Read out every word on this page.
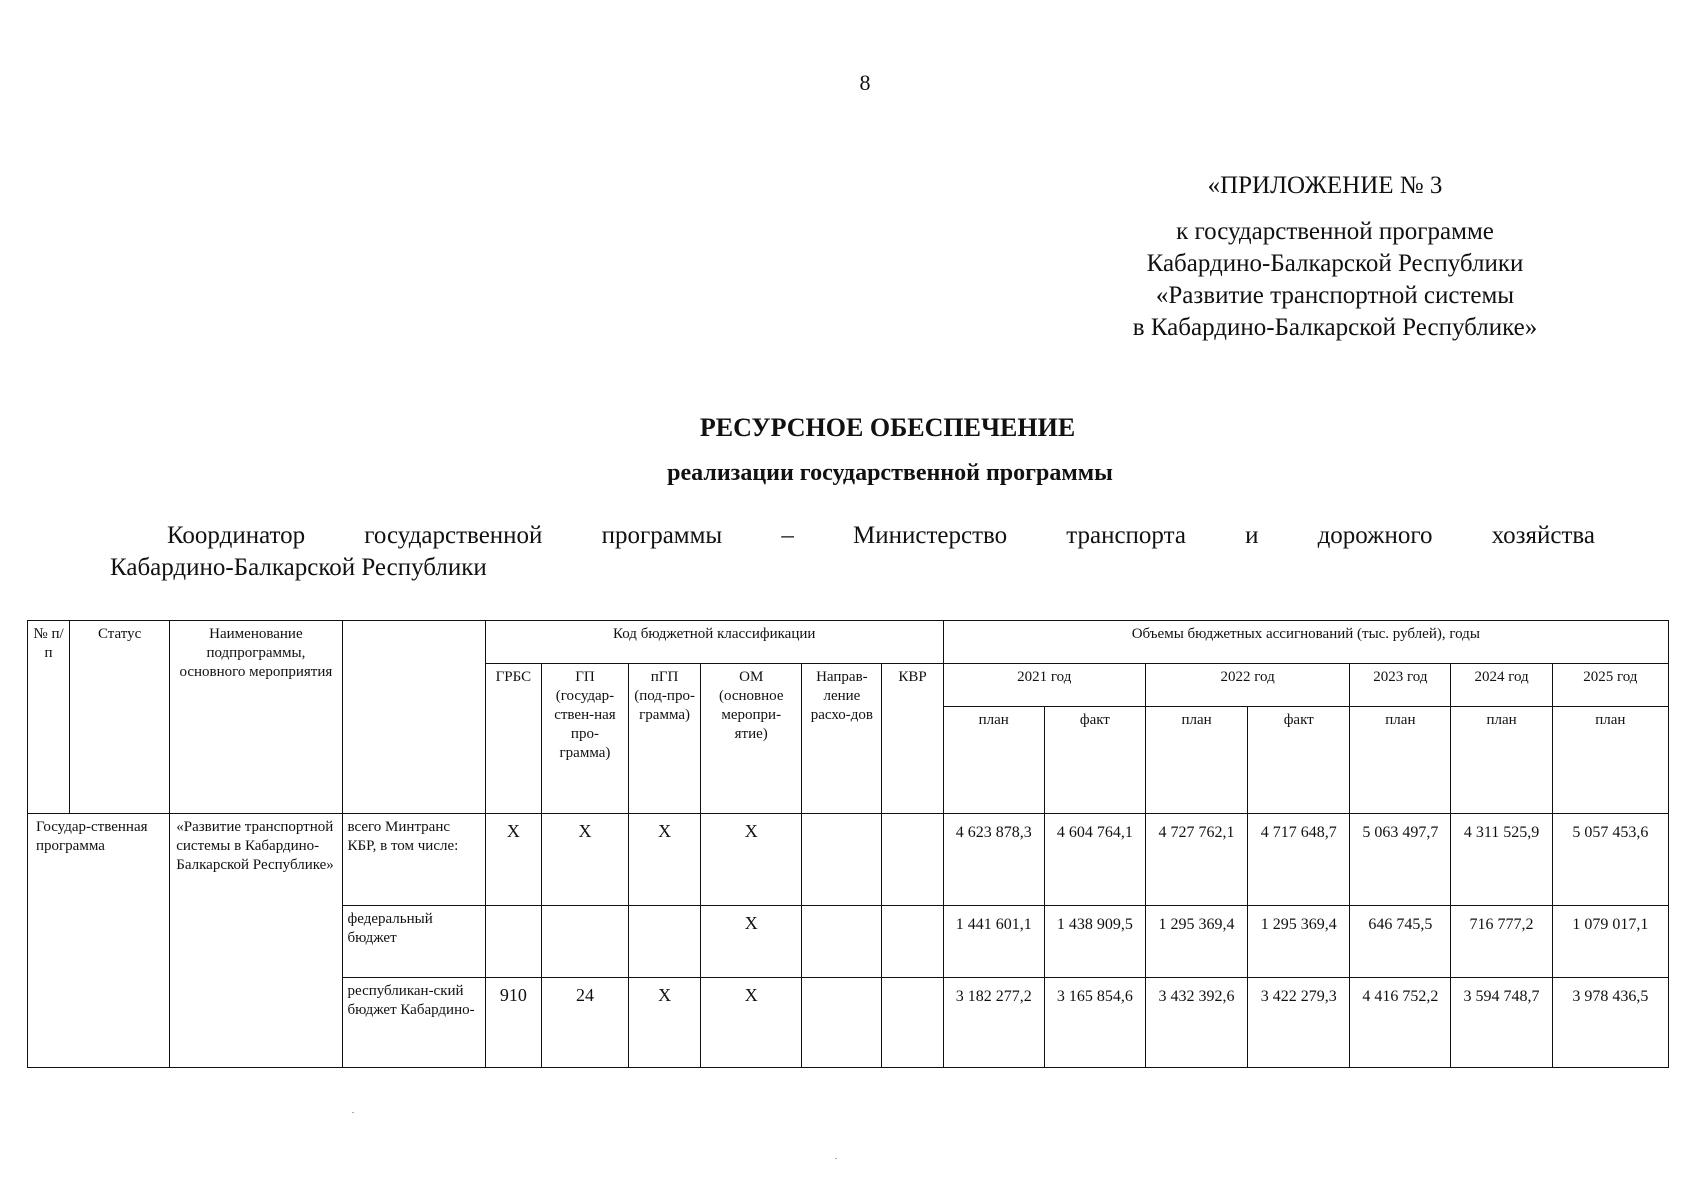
8
«ПРИЛОЖЕНИЕ № 3
к государственной программе
Кабардино-Балкарской Республики
«Развитие транспортной системы
в Кабардино-Балкарской Республике»
РЕСУРСНОЕ ОБЕСПЕЧЕНИЕ
реализации государственной программы
Координатор государственной программы – Министерство транспорта и дорожного хозяйства
Кабардино-Балкарской Республики
№ п/п	Статус	Наименование подпрограммы, основного мероприятия		Код бюджетной классификации						Объемы бюджетных ассигнований (тыс. рублей), годы						
				ГРБС	ГП (государ-ствен-ная про-грамма)	пГП (под-про-грамма)	ОМ (основное меропри-ятие)	Направ-ление расхо-дов	КВР	2021 год		2022 год		2023 год	2024 год	2025 год
										план	факт	план	факт	план	план	план
Государ-ственная программа		«Развитие транспортной системы в Кабардино-Балкарской Республике»	всего Минтранс КБР, в том числе:	X	X	X	X			4 623 878,3	4 604 764,1	4 727 762,1	4 717 648,7	5 063 497,7	4 311 525,9	5 057 453,6
			федеральный бюджет				X			1 441 601,1	1 438 909,5	1 295 369,4	1 295 369,4	646 745,5	716 777,2	1 079 017,1
			республикан-ский бюджет Кабардино-	910	24	X	X			3 182 277,2	3 165 854,6	3 432 392,6	3 422 279,3	4 416 752,2	3 594 748,7	3 978 436,5
